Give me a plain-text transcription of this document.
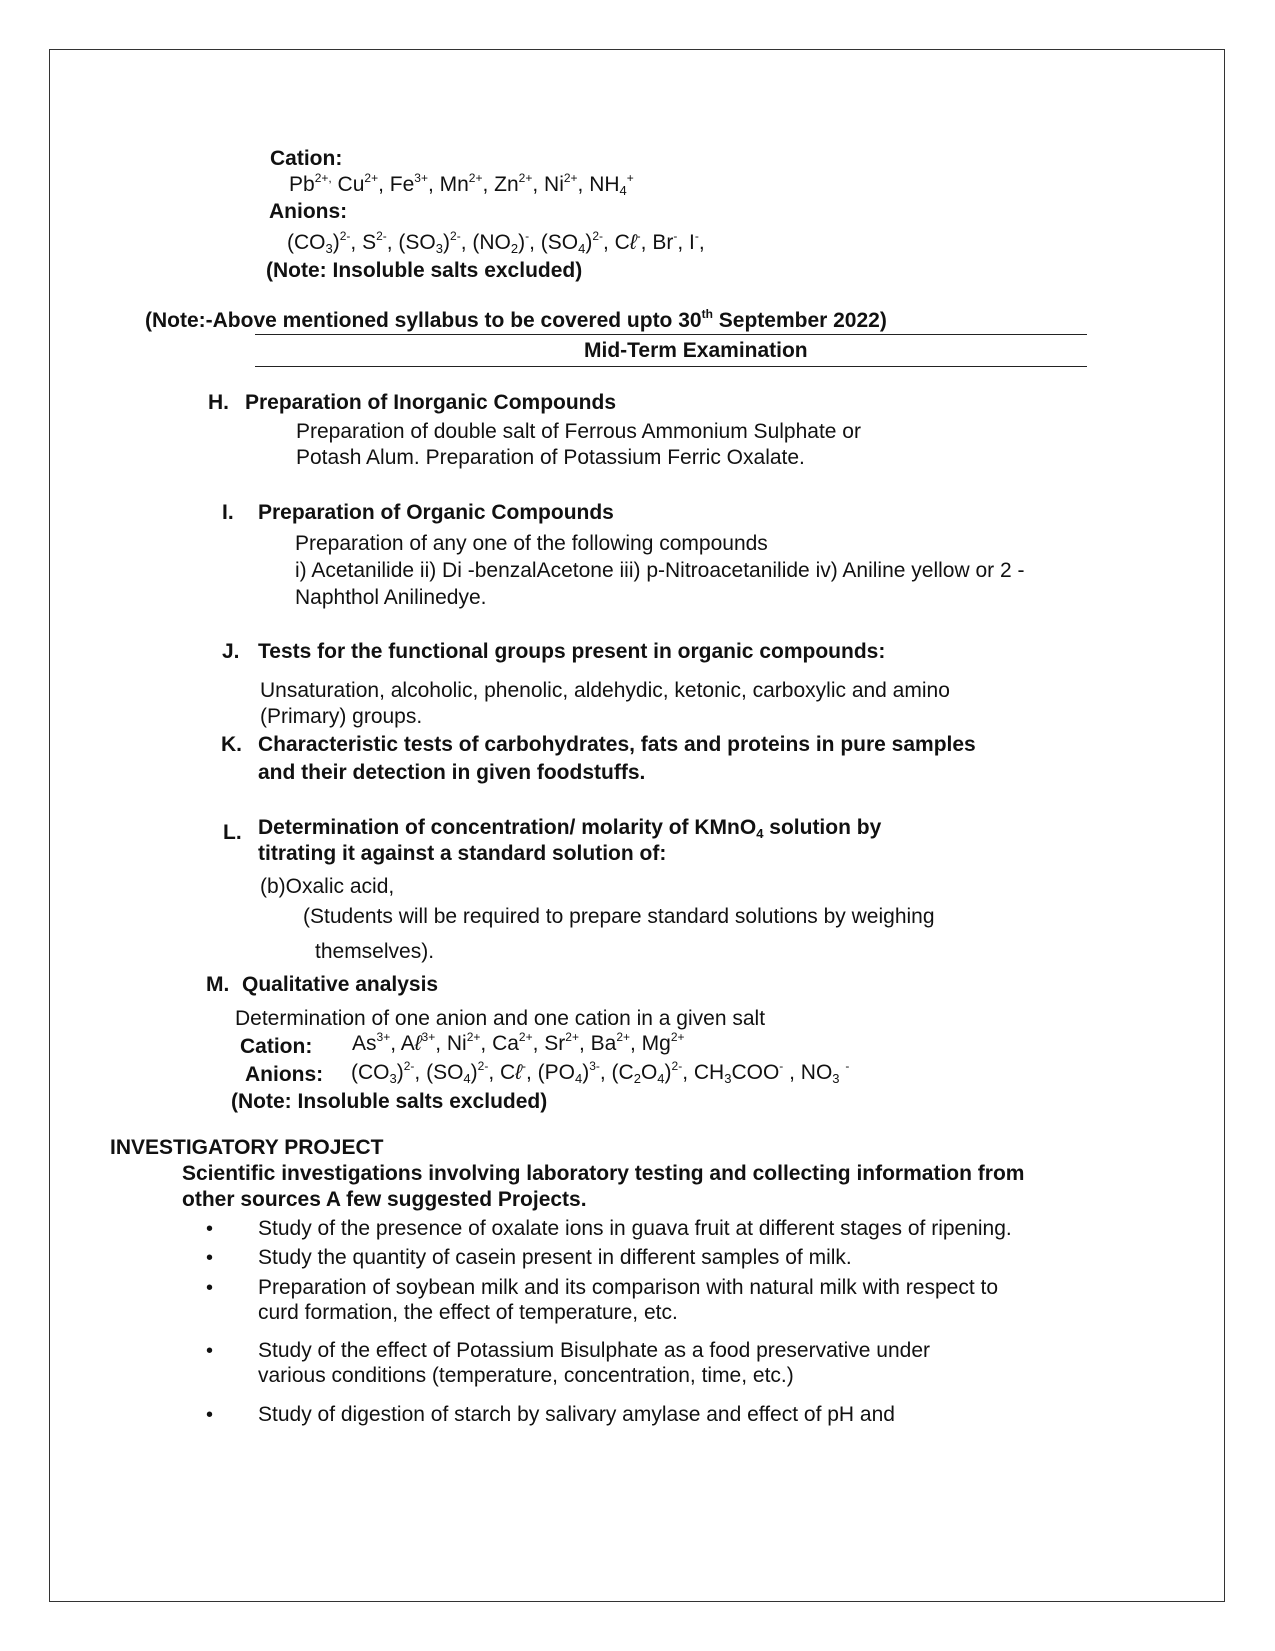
Cation:
$Pb^{2+,}$ $Cu^{2+}$, $Fe^{3+}$, $Mn^{2+}$, $Zn^{2+}$, $Ni^{2+}$, $NH_4^+$
Anions:
$(CO_3)^{2-}$, $S^{2-}$, $(SO_3)^{2-}$, $(NO_2)^-$, $(SO_4)^{2-}$, Cℓ-, Br-, I-,
(Note: Insoluble salts excluded)
(Note:-Above mentioned syllabus to be covered upto 30th September 2022)
Mid-Term Examination
H. Preparation of Inorganic Compounds
Preparation of double salt of Ferrous Ammonium Sulphate or
Potash Alum. Preparation of Potassium Ferric Oxalate.
I. Preparation of Organic Compounds
Preparation of any one of the following compounds
i) Acetanilide ii) Di -benzalAcetone iii) p-Nitroacetanilide iv) Aniline yellow or 2 -
Naphthol Anilinedye.
J. Tests for the functional groups present in organic compounds:
Unsaturation, alcoholic, phenolic, aldehydic, ketonic, carboxylic and amino
(Primary) groups.
K. Characteristic tests of carbohydrates, fats and proteins in pure samples
and their detection in given foodstuffs.
L. Determination of concentration/ molarity of KMnO$_4$ solution by
titrating it against a standard solution of:
(b)Oxalic acid,
(Students will be required to prepare standard solutions by weighing
themselves).
M. Qualitative analysis
Determination of one anion and one cation in a given salt
Cation: $As^{3+}$, Aℓ$^{3+}$, $Ni^{2+}$, $Ca^{2+}$, $Sr^{2+}$, $Ba^{2+}$, $Mg^{2+}$
Anions: $(CO_3)^{2-}$, $(SO_4)^{2-}$, Cℓ-, $(PO_4)^{3-}$, $(C_2O_4)^{2-}$, $CH_3COO^-$ , $NO_3$ -
(Note: Insoluble salts excluded)
INVESTIGATORY PROJECT
Scientific investigations involving laboratory testing and collecting information from
other sources A few suggested Projects.
• Study of the presence of oxalate ions in guava fruit at different stages of ripening.
• Study the quantity of casein present in different samples of milk.
• Preparation of soybean milk and its comparison with natural milk with respect to
curd formation, the effect of temperature, etc.
• Study of the effect of Potassium Bisulphate as a food preservative under
various conditions (temperature, concentration, time, etc.)
• Study of digestion of starch by salivary amylase and effect of pH and
